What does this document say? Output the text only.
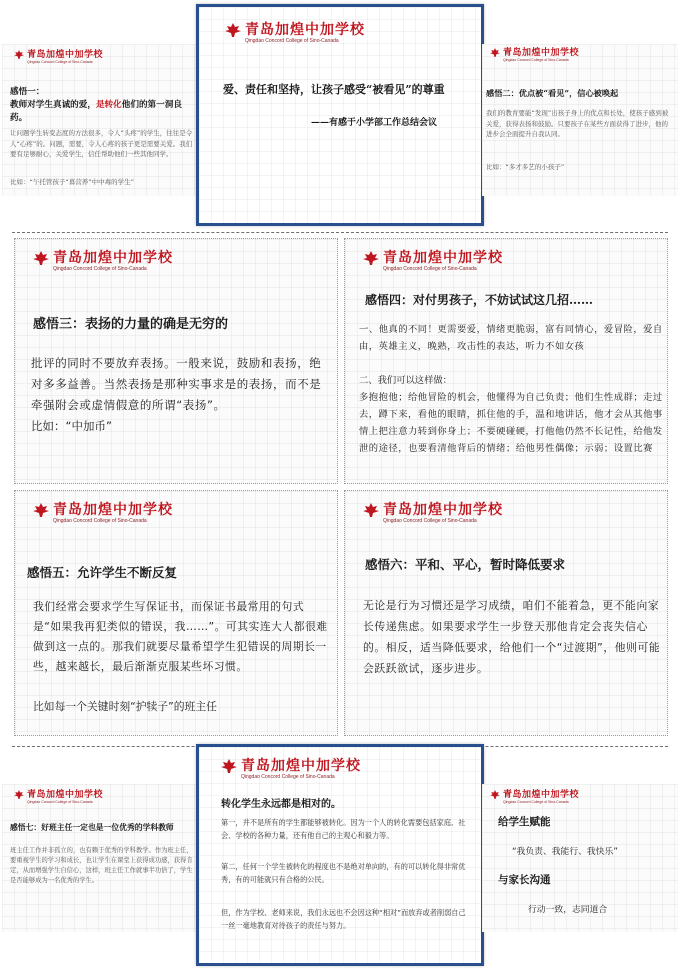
青岛加煌中加学校
Qingdao Concord College of Sino-Canada
感悟一：
教师对学生真诚的爱，是转化他们的第一洞良
药。
让问题学生转变态度的方法很多，令人“头疼”的学生，往往是令人“心疼”的。问题，需要，令人心疼的孩子更是需要关爱。我们要有足够耐心，关爱学生，信任帮助他们一些其他同学。
比如：“午托管孩子“暮营养”中中毒的学生”
青岛加煌中加学校
Qingdao Concord College of Sino-Canada
爱、责任和坚持，让孩子感受“被看见”的尊重
——有感于小学部工作总结会议
青岛加煌中加学校
Qingdao Concord College of Sino-Canada
感悟二：优点被“看见”，信心被唤起
我们的教育要能“发现”出孩子身上的优点和长处，使孩子感到被关爱，获得表扬和鼓励。只要孩子在某些方面获得了进步，他的进步会全面提升自我认同。
比如：“多才多艺的小孩子”
青岛加煌中加学校
Qingdao Concord College of Sino-Canada
感悟三：表扬的力量的确是无穷的
批评的同时不要放弃表扬。一般来说，鼓励和表扬，绝对多多益善。当然表扬是那种实事求是的表扬，而不是牵强附会或虚情假意的所谓“表扬”。
比如：“中加币”
青岛加煌中加学校
Qingdao Concord College of Sino-Canada
感悟四：对付男孩子，不妨试试这几招……
一、他真的不同！更需要爱，情绪更脆弱，富有同情心，爱冒险，爱自由，英雄主义，晚熟，攻击性的表达，听力不如女孩
二、我们可以这样做：
多抱抱他；给他冒险的机会，他懂得为自己负责；他们生性成群；走过去，蹲下来，看他的眼睛，抓住他的手，温和地讲话，他才会从其他事情上把注意力转到你身上；不要硬碰硬，打他他仍然不长记性，给他发泄的途径，也要看清他背后的情绪；给他男性偶像；示弱；设置比赛
青岛加煌中加学校
Qingdao Concord College of Sino-Canada
感悟五：允许学生不断反复
我们经常会要求学生写保证书，而保证书最常用的句式是“如果我再犯类似的错误，我……”。可其实连大人都很难做到这一点的。那我们就要尽量希望学生犯错误的周期长一些，越来越长，最后渐渐克服某些坏习惯。
比如每一个关键时刻“护犊子”的班主任
青岛加煌中加学校
Qingdao Concord College of Sino-Canada
感悟六：平和、平心，暂时降低要求
无论是行为习惯还是学习成绩，咱们不能着急，更不能向家长传递焦虑。如果要求学生一步登天那他肯定会丧失信心的。相反，适当降低要求，给他们一个“过渡期”，他则可能会跃跃欲试，逐步进步。
青岛加煌中加学校
Qingdao Concord College of Sino-Canada
感悟七：好班主任一定也是一位优秀的学科教师
班主任工作并非孤立的，也有赖于优秀的学科教学。作为班主任，要重视学生的学习和成长，也让学生在课堂上获得成功感，获得肯定，从而增强学生自信心，这样，班主任工作就事半功倍了，学生是否能够成为一名优秀的学生。
青岛加煌中加学校
Qingdao Concord College of Sino-Canada
转化学生永远都是相对的。
第一，并不是所有的学生都能够被转化。因为一个人的转化需要包括家庭、社会、学校的各种力量，还有他自己的主观心和毅力等。
第二，任何一个学生被转化的程度也不是绝对单向的，有的可以转化得非常优秀，有的可能就只有合格的公民。
但，作为学校、老师来说，我们永远也不会因这种“相对”而放弃或者削弱自己一丝一毫地教育对待孩子的责任与努力。
青岛加煌中加学校
Qingdao Concord College of Sino-Canada
给学生赋能
“我负责、我能行、我快乐”
与家长沟通
行动一致，志同道合
